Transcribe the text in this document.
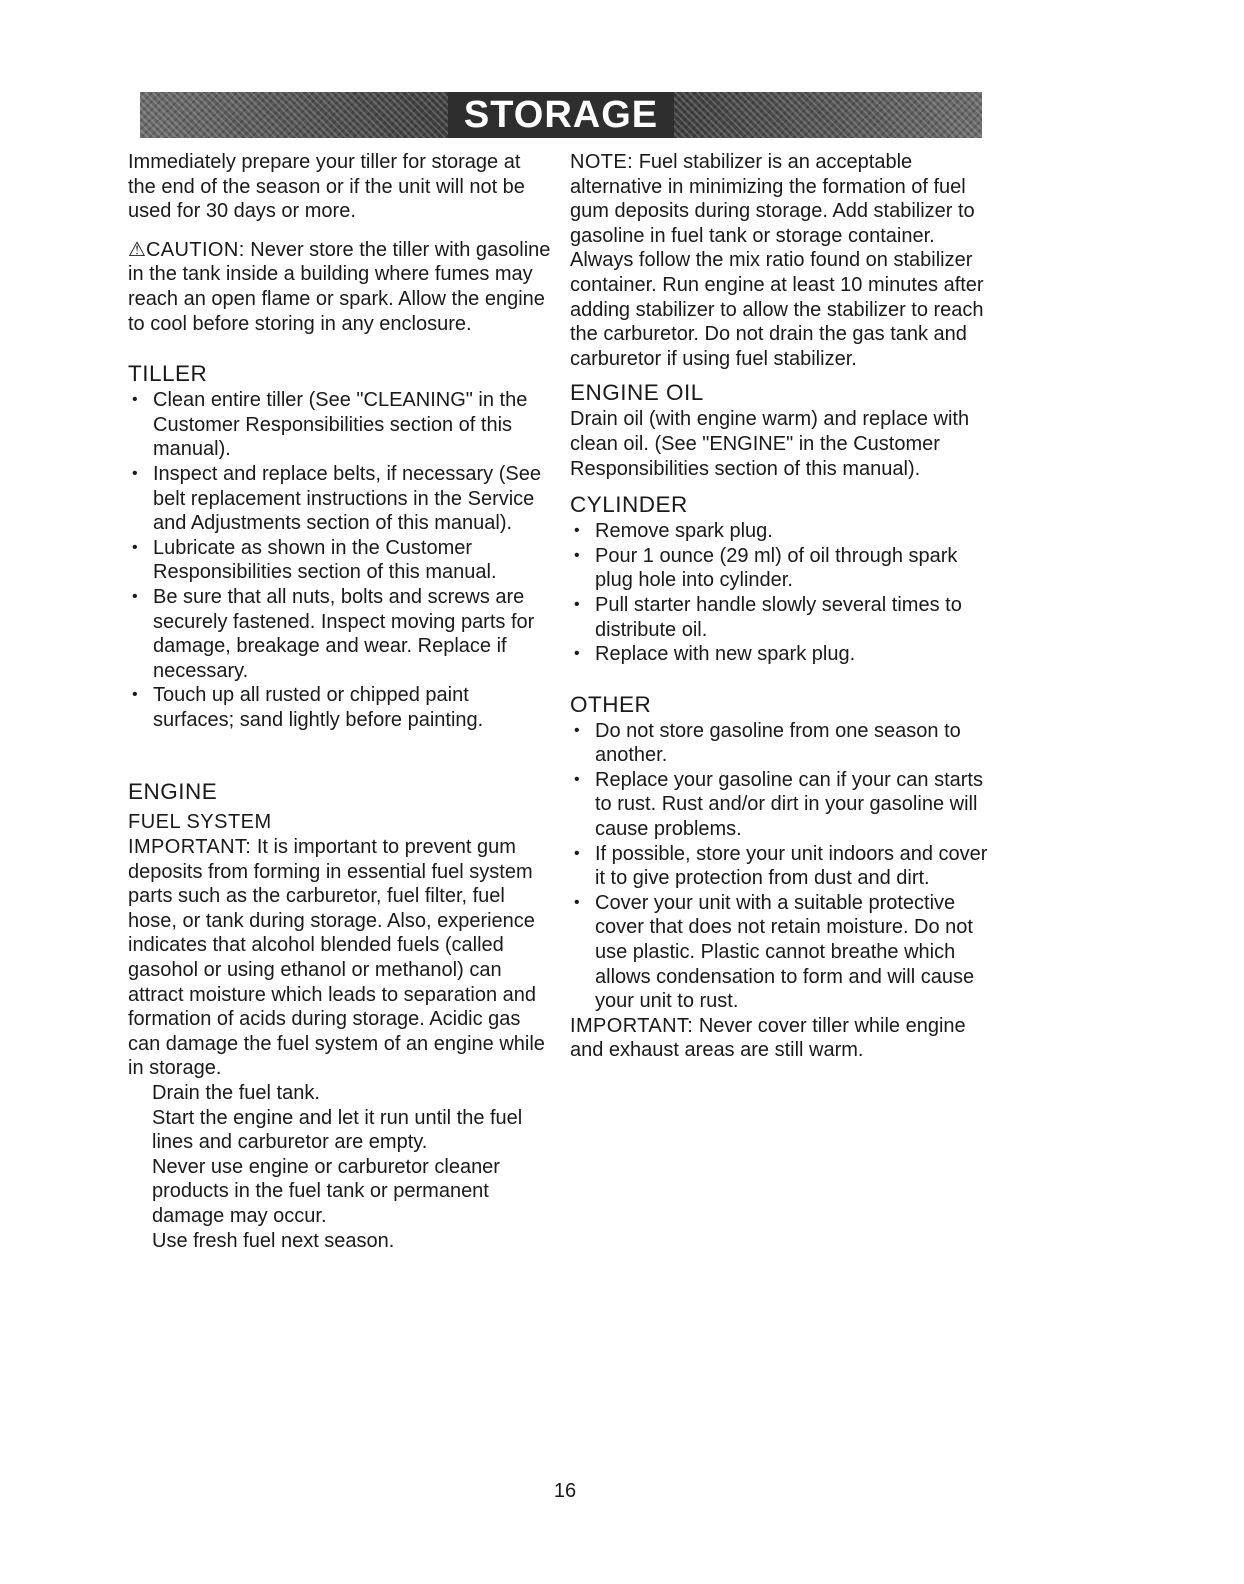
STORAGE

Immediately prepare your tiller for storage at the end of the season or if the unit will not be used for 30 days or more.

⚠CAUTION: Never store the tiller with gasoline in the tank inside a building where fumes may reach an open flame or spark. Allow the engine to cool before storing in any enclosure.

TILLER
• Clean entire tiller (See "CLEANING" in the Customer Responsibilities section of this manual).
• Inspect and replace belts, if necessary (See belt replacement instructions in the Service and Adjustments section of this manual).
• Lubricate as shown in the Customer Responsibilities section of this manual.
• Be sure that all nuts, bolts and screws are securely fastened. Inspect moving parts for damage, breakage and wear. Replace if necessary.
• Touch up all rusted or chipped paint surfaces; sand lightly before painting.
ENGINE
FUEL SYSTEM

IMPORTANT: It is important to prevent gum deposits from forming in essential fuel system parts such as the carburetor, fuel filter, fuel hose, or tank during storage. Also, experience indicates that alcohol blended fuels (called gasohol or using ethanol or methanol) can attract moisture which leads to separation and formation of acids during storage. Acidic gas can damage the fuel system of an engine while in storage.

Drain the fuel tank.
Start the engine and let it run until the fuel lines and carburetor are empty.
Never use engine or carburetor cleaner products in the fuel tank or permanent damage may occur.
Use fresh fuel next season.

NOTE: Fuel stabilizer is an acceptable alternative in minimizing the formation of fuel gum deposits during storage. Add stabilizer to gasoline in fuel tank or storage container. Always follow the mix ratio found on stabilizer container. Run engine at least 10 minutes after adding stabilizer to allow the stabilizer to reach the carburetor. Do not drain the gas tank and carburetor if using fuel stabilizer.

ENGINE OIL

Drain oil (with engine warm) and replace with clean oil. (See "ENGINE" in the Customer Responsibilities section of this manual).

CYLINDER
• Remove spark plug.
• Pour 1 ounce (29 ml) of oil through spark plug hole into cylinder.
• Pull starter handle slowly several times to distribute oil.
• Replace with new spark plug.
OTHER
• Do not store gasoline from one season to another.
• Replace your gasoline can if your can starts to rust. Rust and/or dirt in your gasoline will cause problems.
• If possible, store your unit indoors and cover it to give protection from dust and dirt.
• Cover your unit with a suitable protective cover that does not retain moisture. Do not use plastic. Plastic cannot breathe which allows condensation to form and will cause your unit to rust.

IMPORTANT: Never cover tiller while engine and exhaust areas are still warm.

16
